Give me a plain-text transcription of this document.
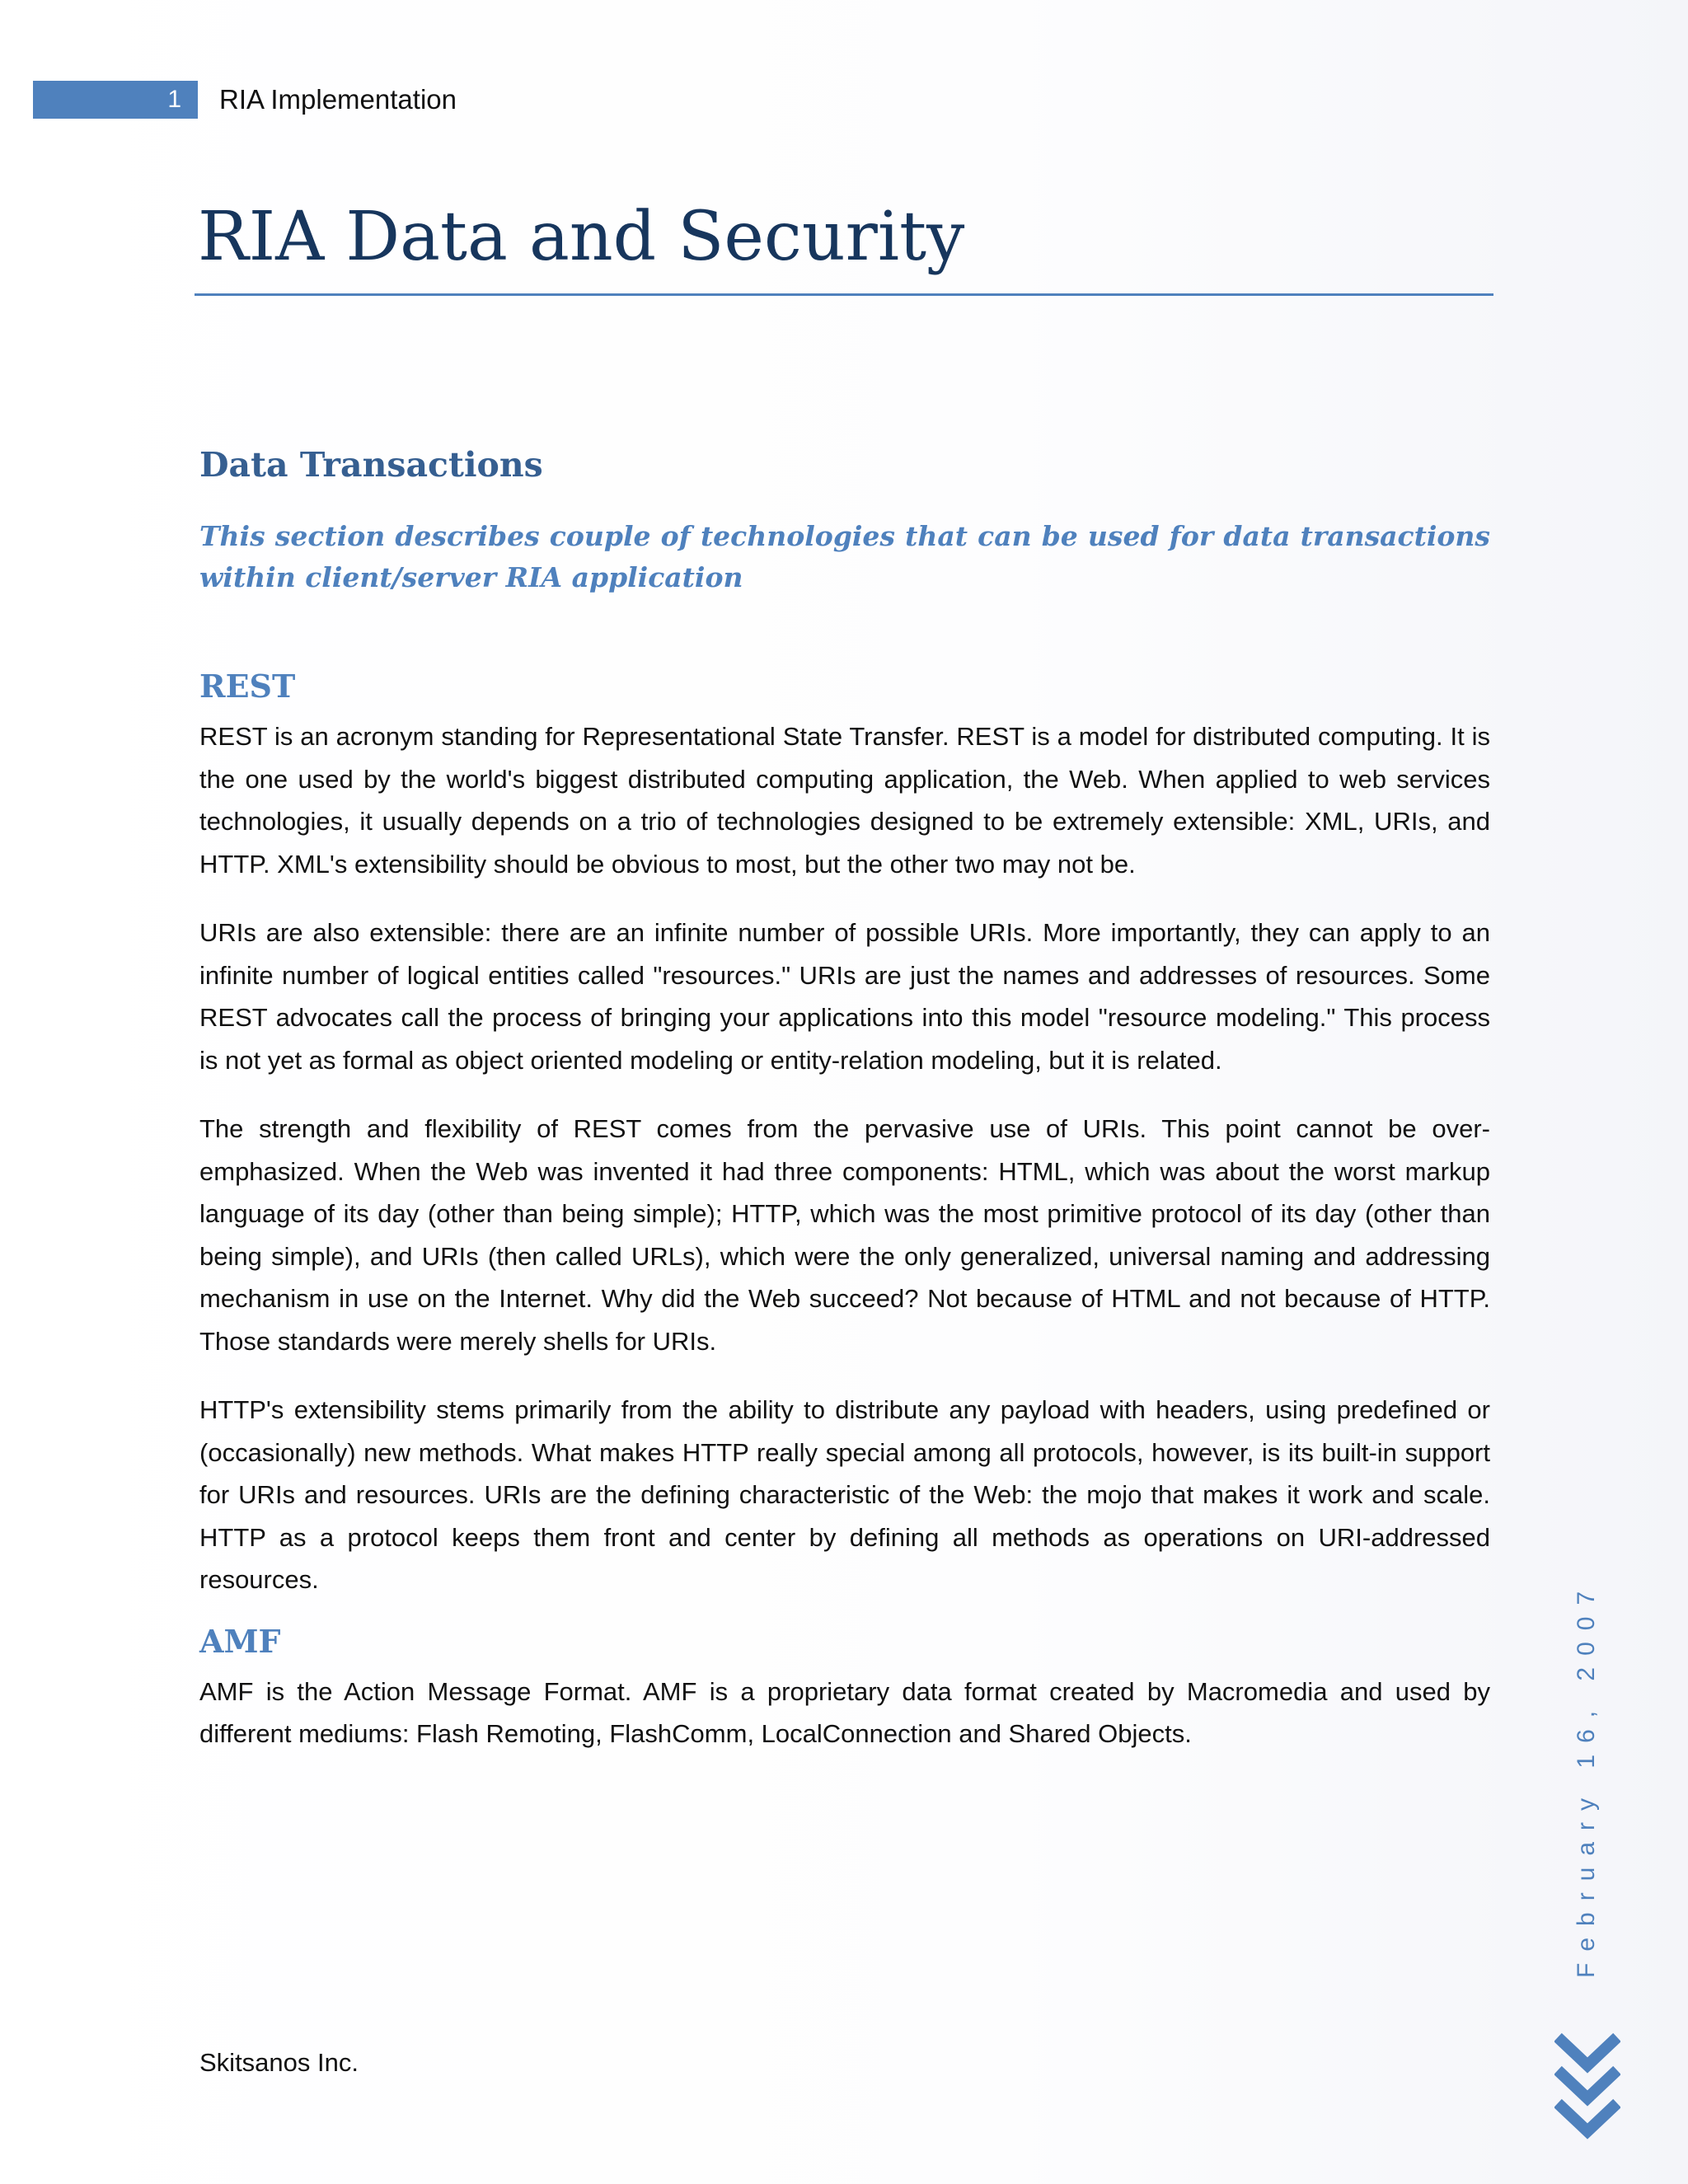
1	RIA Implementation
RIA Data and Security
Data Transactions

This section describes couple of technologies that can be used for data transactions within client/server RIA application

REST

REST is an acronym standing for Representational State Transfer. REST is a model for distributed computing. It is the one used by the world's biggest distributed computing application, the Web. When applied to web services technologies, it usually depends on a trio of technologies designed to be extremely extensible: XML, URIs, and HTTP. XML's extensibility should be obvious to most, but the other two may not be.

URIs are also extensible: there are an infinite number of possible URIs. More importantly, they can apply to an infinite number of logical entities called "resources." URIs are just the names and addresses of resources. Some REST advocates call the process of bringing your applications into this model "resource modeling." This process is not yet as formal as object oriented modeling or entity-relation modeling, but it is related.

The strength and flexibility of REST comes from the pervasive use of URIs. This point cannot be over-emphasized. When the Web was invented it had three components: HTML, which was about the worst markup language of its day (other than being simple); HTTP, which was the most primitive protocol of its day (other than being simple), and URIs (then called URLs), which were the only generalized, universal naming and addressing mechanism in use on the Internet. Why did the Web succeed? Not because of HTML and not because of HTTP. Those standards were merely shells for URIs.

HTTP's extensibility stems primarily from the ability to distribute any payload with headers, using predefined or (occasionally) new methods. What makes HTTP really special among all protocols, however, is its built-in support for URIs and resources. URIs are the defining characteristic of the Web: the mojo that makes it work and scale. HTTP as a protocol keeps them front and center by defining all methods as operations on URI-addressed resources.

AMF

AMF is the Action Message Format. AMF is a proprietary data format created by Macromedia and used by different mediums: Flash Remoting, FlashComm, LocalConnection and Shared Objects.	February 16, 2007
Skitsanos Inc.
